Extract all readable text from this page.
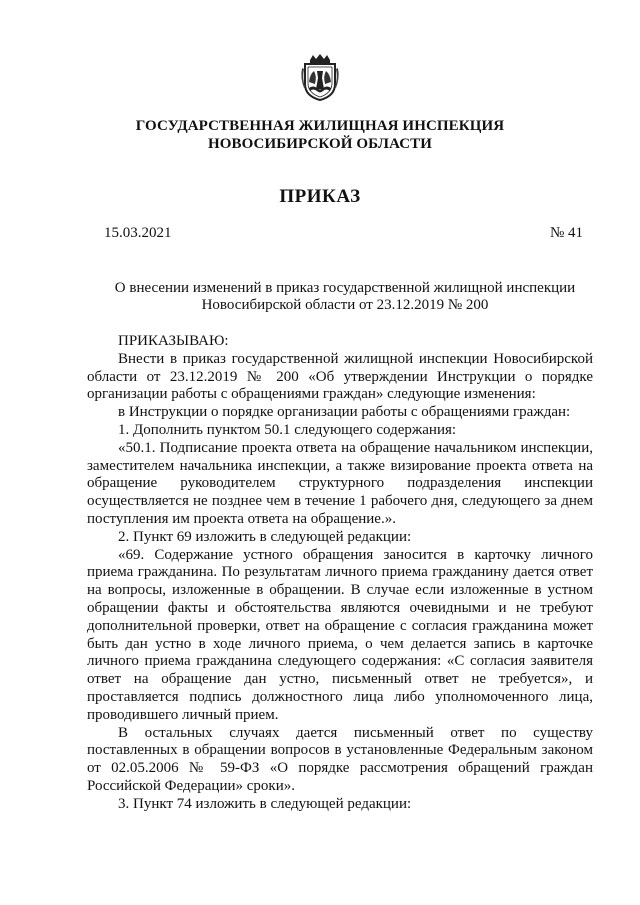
ГОСУДАРСТВЕННАЯ ЖИЛИЩНАЯ ИНСПЕКЦИЯ
НОВОСИБИРСКОЙ ОБЛАСТИ
ПРИКАЗ
15.03.2021	№ 41
О внесении изменений в приказ государственной жилищной инспекции
Новосибирской области от 23.12.2019 № 200

ПРИКАЗЫВАЮ:

Внести в приказ государственной жилищной инспекции Новосибирской области от 23.12.2019 № 200 «Об утверждении Инструкции о порядке организации работы с обращениями граждан» следующие изменения:

в Инструкции о порядке организации работы с обращениями граждан:

1. Дополнить пунктом 50.1 следующего содержания:

«50.1. Подписание проекта ответа на обращение начальником инспекции, заместителем начальника инспекции, а также визирование проекта ответа на обращение руководителем структурного подразделения инспекции осуществляется не позднее чем в течение 1 рабочего дня, следующего за днем поступления им проекта ответа на обращение.».

2. Пункт 69 изложить в следующей редакции:

«69. Содержание устного обращения заносится в карточку личного приема гражданина. По результатам личного приема гражданину дается ответ на вопросы, изложенные в обращении. В случае если изложенные в устном обращении факты и обстоятельства являются очевидными и не требуют дополнительной проверки, ответ на обращение с согласия гражданина может быть дан устно в ходе личного приема, о чем делается запись в карточке личного приема гражданина следующего содержания: «С согласия заявителя ответ на обращение дан устно, письменный ответ не требуется», и проставляется подпись должностного лица либо уполномоченного лица, проводившего личный прием.

В остальных случаях дается письменный ответ по существу поставленных в обращении вопросов в установленные Федеральным законом от 02.05.2006 № 59-ФЗ «О порядке рассмотрения обращений граждан Российской Федерации» сроки».

3. Пункт 74 изложить в следующей редакции:
